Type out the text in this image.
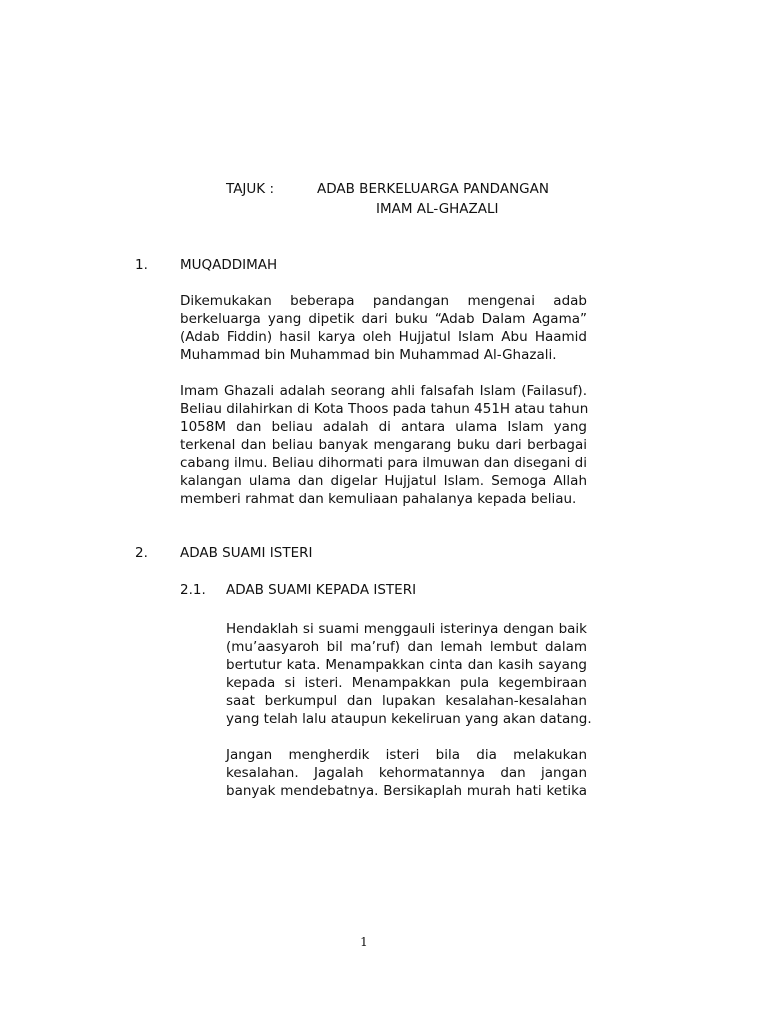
TAJUK :	ADAB BERKELUARGA PANDANGAN
IMAM AL-GHAZALI
1. MUQADDIMAH
Dikemukakan beberapa pandangan mengenai adab
berkeluarga yang dipetik dari buku “Adab Dalam Agama”
(Adab Fiddin) hasil karya oleh Hujjatul Islam Abu Haamid
Muhammad bin Muhammad bin Muhammad Al-Ghazali.
Imam Ghazali adalah seorang ahli falsafah Islam (Failasuf).
Beliau dilahirkan di Kota Thoos pada tahun 451H atau tahun
1058M dan beliau adalah di antara ulama Islam yang
terkenal dan beliau banyak mengarang buku dari berbagai
cabang ilmu. Beliau dihormati para ilmuwan dan disegani di
kalangan ulama dan digelar Hujjatul Islam. Semoga Allah
memberi rahmat dan kemuliaan pahalanya kepada beliau.
2. ADAB SUAMI ISTERI
2.1. ADAB SUAMI KEPADA ISTERI
Hendaklah si suami menggauli isterinya dengan baik
(mu’aasyaroh bil ma’ruf) dan lemah lembut dalam
bertutur kata. Menampakkan cinta dan kasih sayang
kepada si isteri. Menampakkan pula kegembiraan
saat berkumpul dan lupakan kesalahan-kesalahan
yang telah lalu ataupun kekeliruan yang akan datang.
Jangan mengherdik isteri bila dia melakukan
kesalahan. Jagalah kehormatannya dan jangan
banyak mendebatnya. Bersikaplah murah hati ketika
1
